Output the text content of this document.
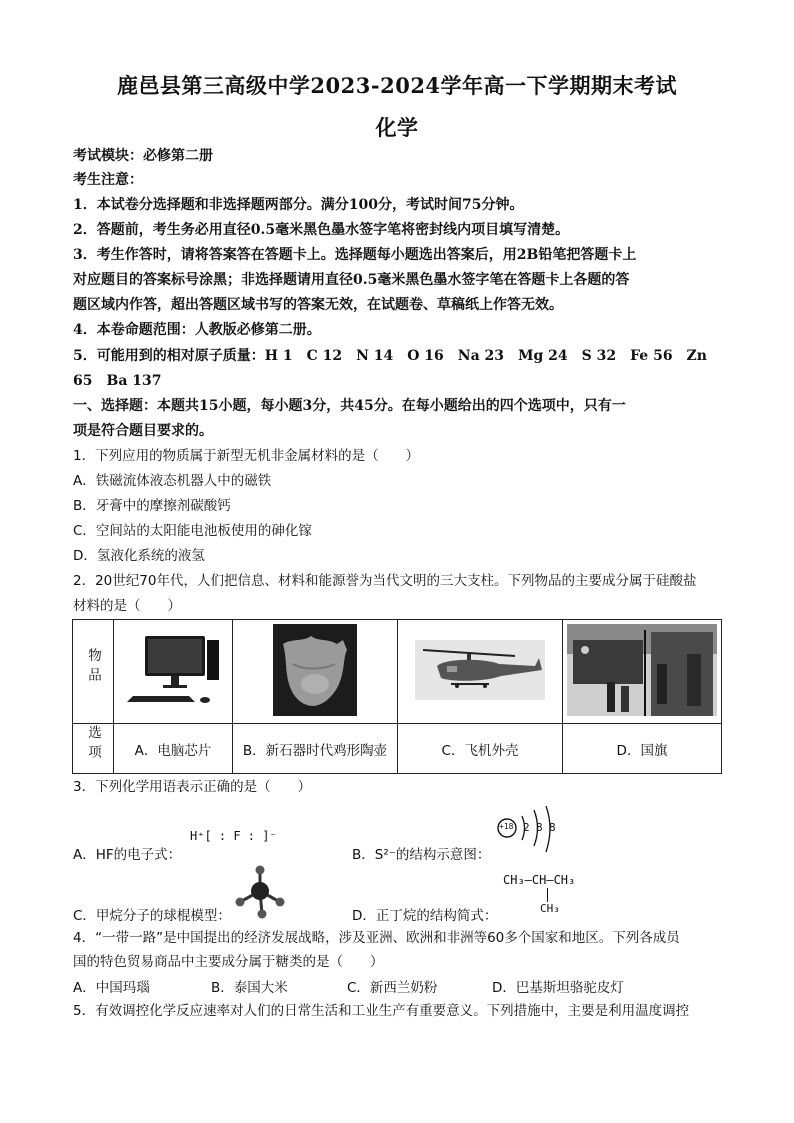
鹿邑县第三高级中学2023-2024学年高一下学期期末考试
化学
考试模块：必修第二册
考生注意：
1．本试卷分选择题和非选择题两部分。满分100分，考试时间75分钟。
2．答题前，考生务必用直径0.5毫米黑色墨水签字笔将密封线内项目填写清楚。
3．考生作答时，请将答案答在答题卡上。选择题每小题选出答案后，用2B铅笔把答题卡上
对应题目的答案标号涂黑；非选择题请用直径0.5毫米黑色墨水签字笔在答题卡上各题的答
题区域内作答，超出答题区域书写的答案无效，在试题卷、草稿纸上作答无效。
4．本卷命题范围：人教版必修第二册。
5．可能用到的相对原子质量：H 1　C 12　N 14　O 16　Na 23　Mg 24　S 32　Fe 56　Zn
65　Ba 137
一、选择题：本题共15小题，每小题3分，共45分。在每小题给出的四个选项中，只有一
项是符合题目要求的。
1．下列应用的物质属于新型无机非金属材料的是（　　）
A．铁磁流体液态机器人中的磁铁
B．牙膏中的摩擦剂碳酸钙
C．空间站的太阳能电池板使用的砷化镓
D．氢液化系统的液氢
2．20世纪70年代，人们把信息、材料和能源誉为当代文明的三大支柱。下列物品的主要成分属于硅酸盐
材料的是（　　）
物品				
选项	A．电脑芯片	B．新石器时代鸡形陶壶	C．飞机外壳	D．国旗
3．下列化学用语表示正确的是（　　）
A．HF的电子式：
H⁺[ : F : ]⁻
B．S²⁻的结构示意图：
+18 2 8 8
C．甲烷分子的球棍模型：	D．正丁烷的结构简式：
CH₃—CH—CH₃
CH₃
4．“一带一路”是中国提出的经济发展战略，涉及亚洲、欧洲和非洲等60多个国家和地区。下列各成员
国的特色贸易商品中主要成分属于糖类的是（　　）
A．中国玛瑙	B．泰国大米	C．新西兰奶粉	D．巴基斯坦骆驼皮灯
5．有效调控化学反应速率对人们的日常生活和工业生产有重要意义。下列措施中，主要是利用温度调控
